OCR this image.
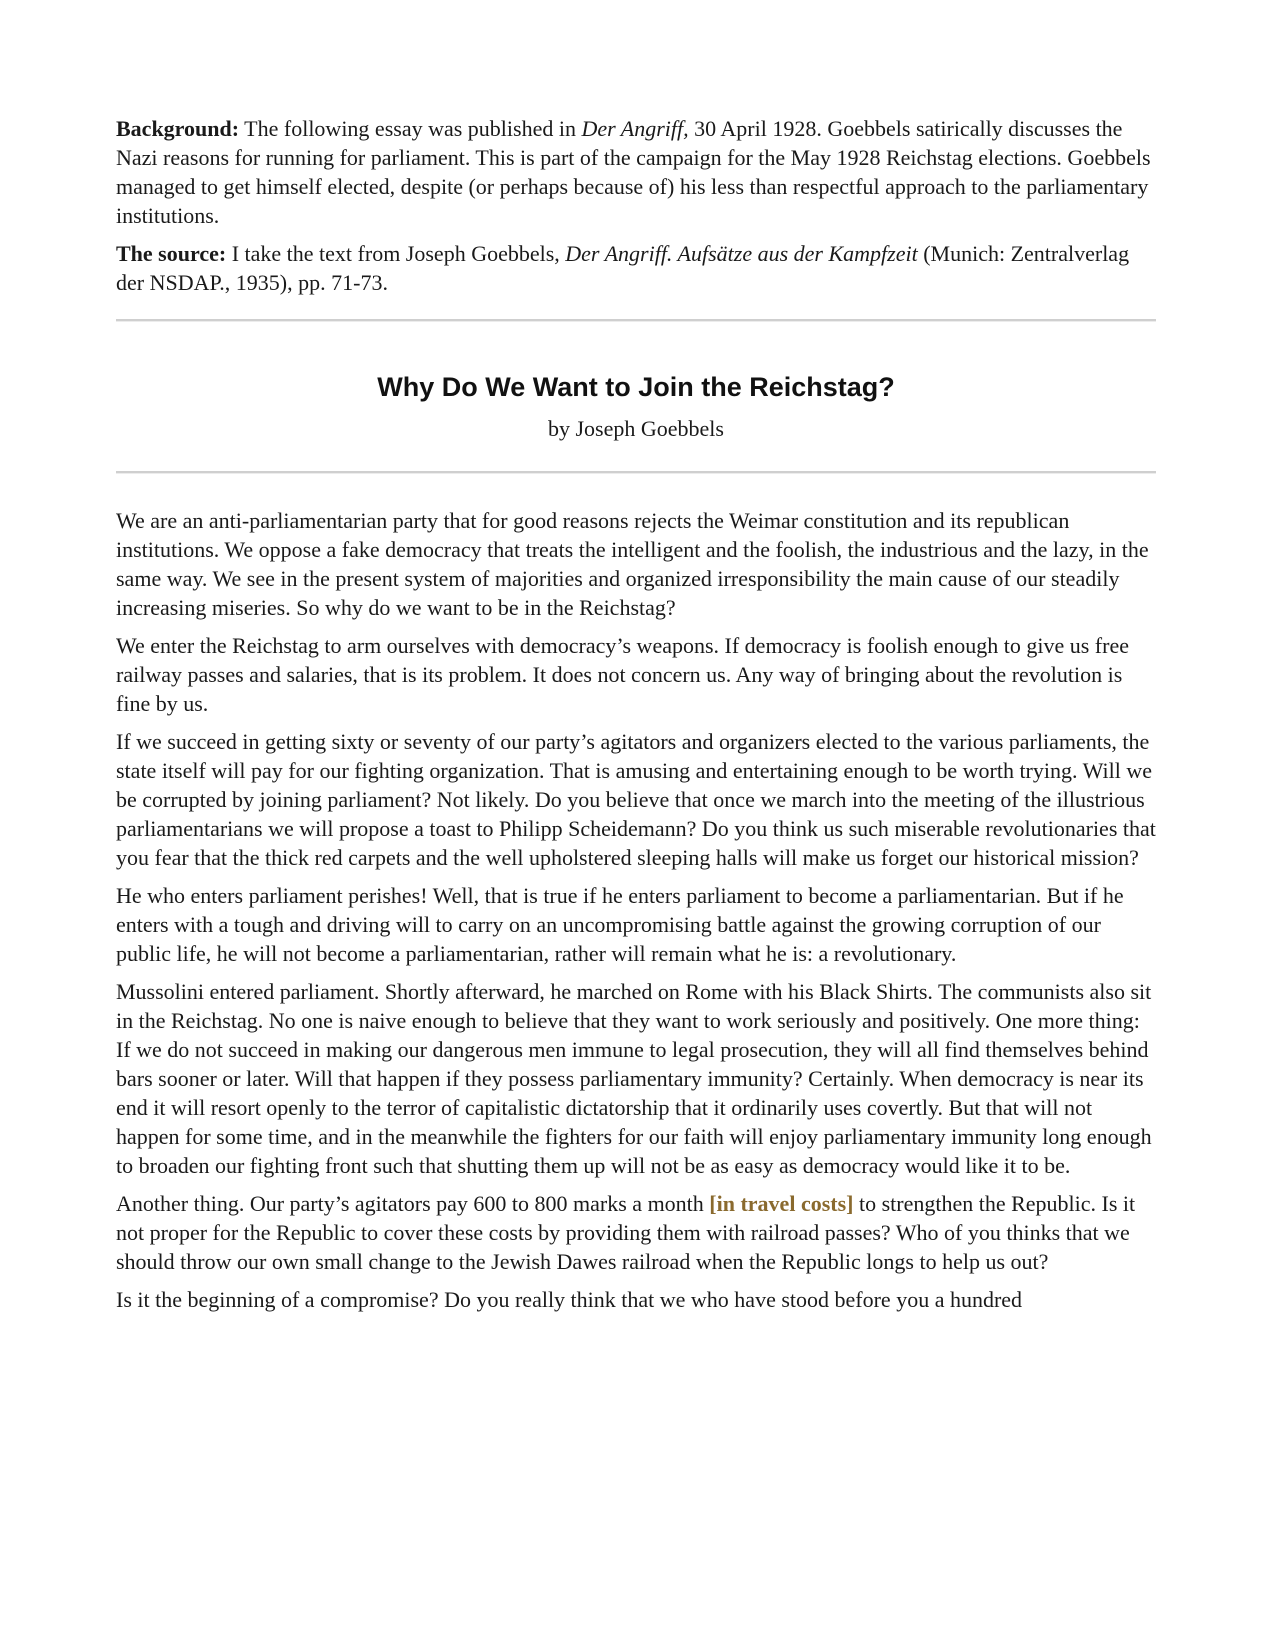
Background: The following essay was published in Der Angriff, 30 April 1928. Goebbels satirically discusses the Nazi reasons for running for parliament. This is part of the campaign for the May 1928 Reichstag elections. Goebbels managed to get himself elected, despite (or perhaps because of) his less than respectful approach to the parliamentary institutions.

The source: I take the text from Joseph Goebbels, Der Angriff. Aufsätze aus der Kampfzeit (Munich: Zentralverlag der NSDAP., 1935), pp. 71-73.

Why Do We Want to Join the Reichstag?

by Joseph Goebbels

We are an anti-parliamentarian party that for good reasons rejects the Weimar constitution and its republican institutions. We oppose a fake democracy that treats the intelligent and the foolish, the industrious and the lazy, in the same way. We see in the present system of majorities and organized irresponsibility the main cause of our steadily increasing miseries. So why do we want to be in the Reichstag?

We enter the Reichstag to arm ourselves with democracy’s weapons. If democracy is foolish enough to give us free railway passes and salaries, that is its problem. It does not concern us. Any way of bringing about the revolution is fine by us.

If we succeed in getting sixty or seventy of our party’s agitators and organizers elected to the various parliaments, the state itself will pay for our fighting organization. That is amusing and entertaining enough to be worth trying. Will we be corrupted by joining parliament? Not likely. Do you believe that once we march into the meeting of the illustrious parliamentarians we will propose a toast to Philipp Scheidemann? Do you think us such miserable revolutionaries that you fear that the thick red carpets and the well upholstered sleeping halls will make us forget our historical mission?

He who enters parliament perishes! Well, that is true if he enters parliament to become a parliamentarian. But if he enters with a tough and driving will to carry on an uncompromising battle against the growing corruption of our public life, he will not become a parliamentarian, rather will remain what he is: a revolutionary.

Mussolini entered parliament. Shortly afterward, he marched on Rome with his Black Shirts. The communists also sit in the Reichstag. No one is naive enough to believe that they want to work seriously and positively. One more thing: If we do not succeed in making our dangerous men immune to legal prosecution, they will all find themselves behind bars sooner or later. Will that happen if they possess parliamentary immunity? Certainly. When democracy is near its end it will resort openly to the terror of capitalistic dictatorship that it ordinarily uses covertly. But that will not happen for some time, and in the meanwhile the fighters for our faith will enjoy parliamentary immunity long enough to broaden our fighting front such that shutting them up will not be as easy as democracy would like it to be.

Another thing. Our party’s agitators pay 600 to 800 marks a month [in travel costs] to strengthen the Republic. Is it not proper for the Republic to cover these costs by providing them with railroad passes? Who of you thinks that we should throw our own small change to the Jewish Dawes railroad when the Republic longs to help us out?

Is it the beginning of a compromise? Do you really think that we who have stood before you a hundred
